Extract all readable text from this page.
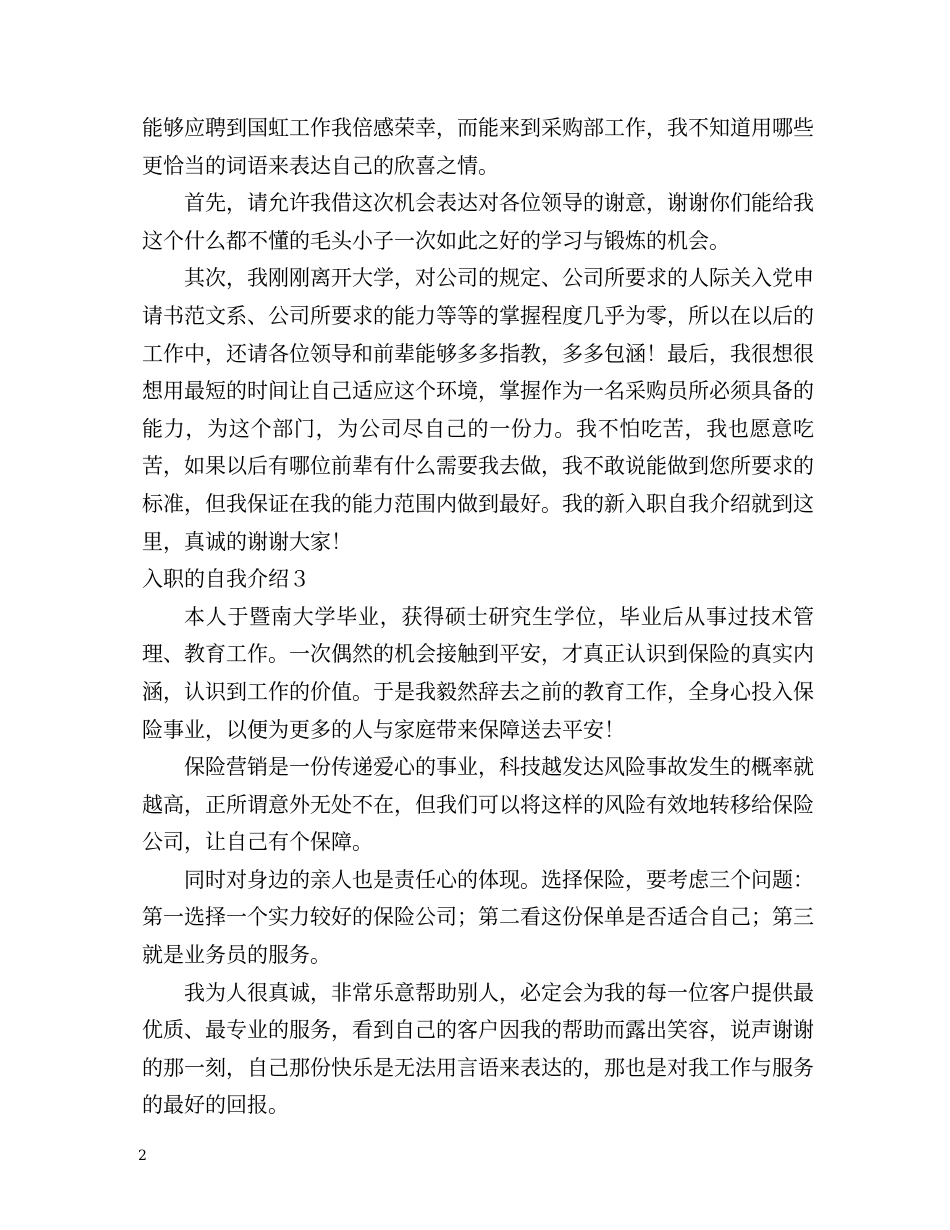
能够应聘到国虹工作我倍感荣幸，而能来到采购部工作，我不知道用哪些更恰当的词语来表达自己的欣喜之情。

首先，请允许我借这次机会表达对各位领导的谢意，谢谢你们能给我这个什么都不懂的毛头小子一次如此之好的学习与锻炼的机会。

其次，我刚刚离开大学，对公司的规定、公司所要求的人际关入党申请书范文系、公司所要求的能力等等的掌握程度几乎为零，所以在以后的工作中，还请各位领导和前辈能够多多指教，多多包涵！最后，我很想很想用最短的时间让自己适应这个环境，掌握作为一名采购员所必须具备的能力，为这个部门，为公司尽自己的一份力。我不怕吃苦，我也愿意吃苦，如果以后有哪位前辈有什么需要我去做，我不敢说能做到您所要求的标准，但我保证在我的能力范围内做到最好。我的新入职自我介绍就到这里，真诚的谢谢大家！

入职的自我介绍３

本人于暨南大学毕业，获得硕士研究生学位，毕业后从事过技术管理、教育工作。一次偶然的机会接触到平安，才真正认识到保险的真实内涵，认识到工作的价值。于是我毅然辞去之前的教育工作，全身心投入保险事业，以便为更多的人与家庭带来保障送去平安！

保险营销是一份传递爱心的事业，科技越发达风险事故发生的概率就越高，正所谓意外无处不在，但我们可以将这样的风险有效地转移给保险公司，让自己有个保障。

同时对身边的亲人也是责任心的体现。选择保险，要考虑三个问题：第一选择一个实力较好的保险公司；第二看这份保单是否适合自己；第三就是业务员的服务。

我为人很真诚，非常乐意帮助别人，必定会为我的每一位客户提供最优质、最专业的服务，看到自己的客户因我的帮助而露出笑容，说声谢谢的那一刻，自己那份快乐是无法用言语来表达的，那也是对我工作与服务的最好的回报。

2
